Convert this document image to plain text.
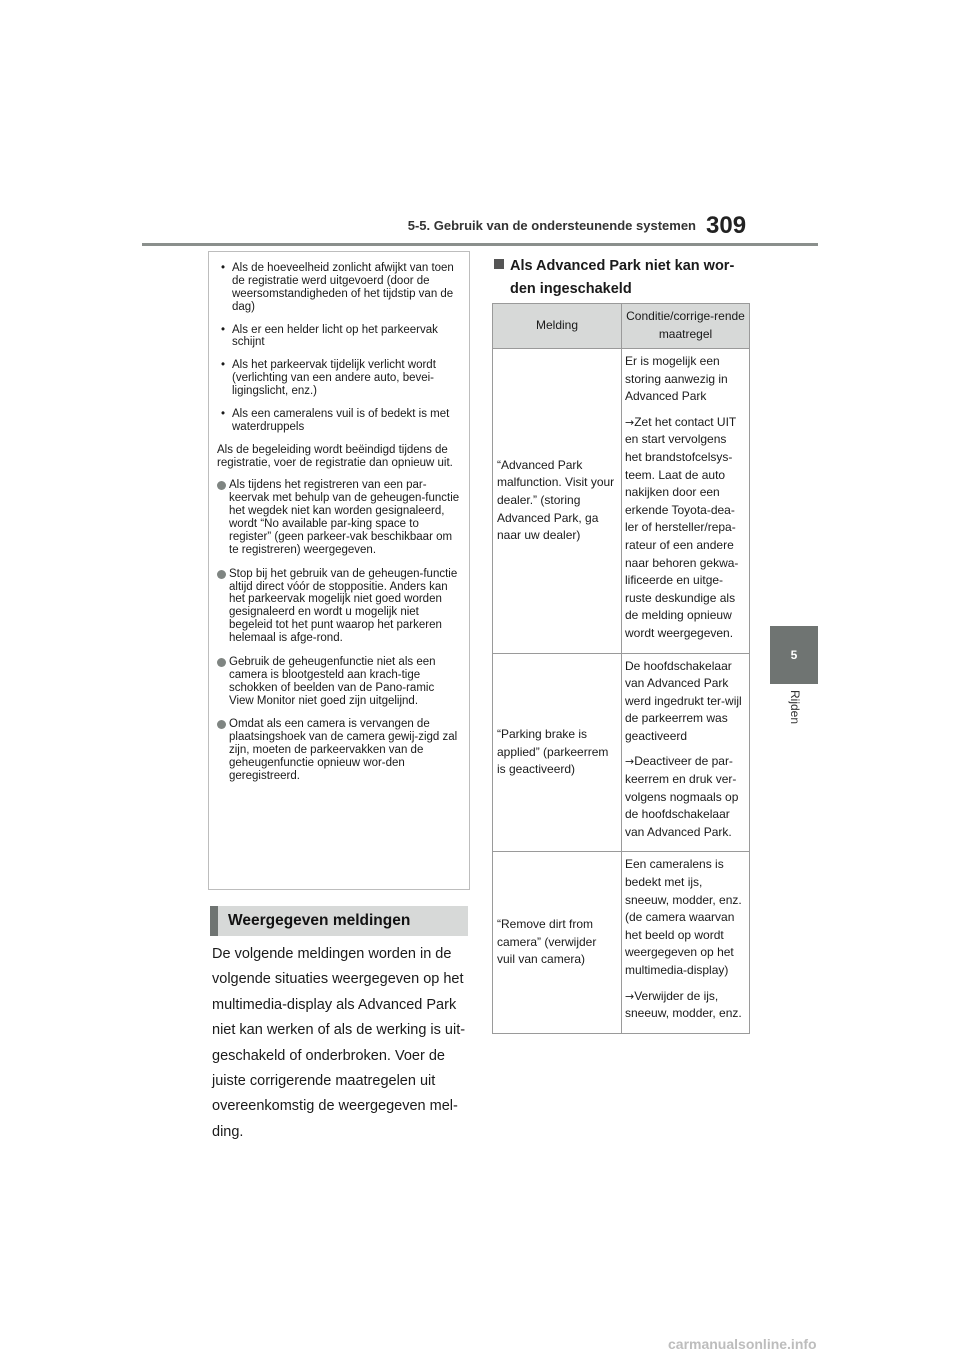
5-5. Gebruik van de ondersteunende systemen 309
5
Rijden
• Als de hoeveelheid zonlicht afwijkt van toen de registratie werd uitgevoerd (door de weersomstandigheden of het tijdstip van de dag)
• Als er een helder licht op het parkeervak schijnt
• Als het parkeervak tijdelijk verlicht wordt (verlichting van een andere auto, bevei-ligingslicht, enz.)
• Als een cameralens vuil is of bedekt is met waterdruppels

Als de begeleiding wordt beëindigd tijdens de registratie, voer de registratie dan opnieuw uit.

Als tijdens het registreren van een par-keervak met behulp van de geheugen-functie het wegdek niet kan worden gesignaleerd, wordt “No available par-king space to register” (geen parkeer-vak beschikbaar om te registreren) weergegeven.
Stop bij het gebruik van de geheugen-functie altijd direct vóór de stoppositie. Anders kan het parkeervak mogelijk niet goed worden gesignaleerd en wordt u mogelijk niet begeleid tot het punt waarop het parkeren helemaal is afge-rond.
Gebruik de geheugenfunctie niet als een camera is blootgesteld aan krach-tige schokken of beelden van de Pano-ramic View Monitor niet goed zijn uitgelijnd.
Omdat als een camera is vervangen de plaatsingshoek van de camera gewij-zigd zal zijn, moeten de parkeervakken van de geheugenfunctie opnieuw wor-den geregistreerd.
Weergegeven meldingen

De volgende meldingen worden in de volgende situaties weergegeven op het multimedia-display als Advanced Park niet kan werken of als de werking is uit-geschakeld of onderbroken. Voer de juiste corrigerende maatregelen uit overeenkomstig de weergegeven mel-ding.

Als Advanced Park niet kan wor-
den ingeschakeld
Melding	Conditie/corrige-rende maatregel
“Advanced Park malfunction. Visit your dealer.” (storing Advanced Park, ga naar uw dealer)	Er is mogelijk een storing aanwezig in Advanced Park

→Zet het contact UIT en start vervolgens het brandstofcelsys-teem. Laat de auto nakijken door een erkende Toyota-dea-ler of hersteller/repa-rateur of een andere naar behoren gekwa-lificeerde en uitge-ruste deskundige als de melding opnieuw wordt weergegeven.

“Parking brake is applied” (parkeerrem is geactiveerd)	De hoofdschakelaar van Advanced Park werd ingedrukt ter-wijl de parkeerrem was geactiveerd

→Deactiveer de par-keerrem en druk ver-volgens nogmaals op de hoofdschakelaar van Advanced Park.

“Remove dirt from camera” (verwijder vuil van camera)	Een cameralens is bedekt met ijs, sneeuw, modder, enz. (de camera waarvan het beeld op wordt weergegeven op het multimedia-display)

→Verwijder de ijs, sneeuw, modder, enz.

carmanualsonline.info
